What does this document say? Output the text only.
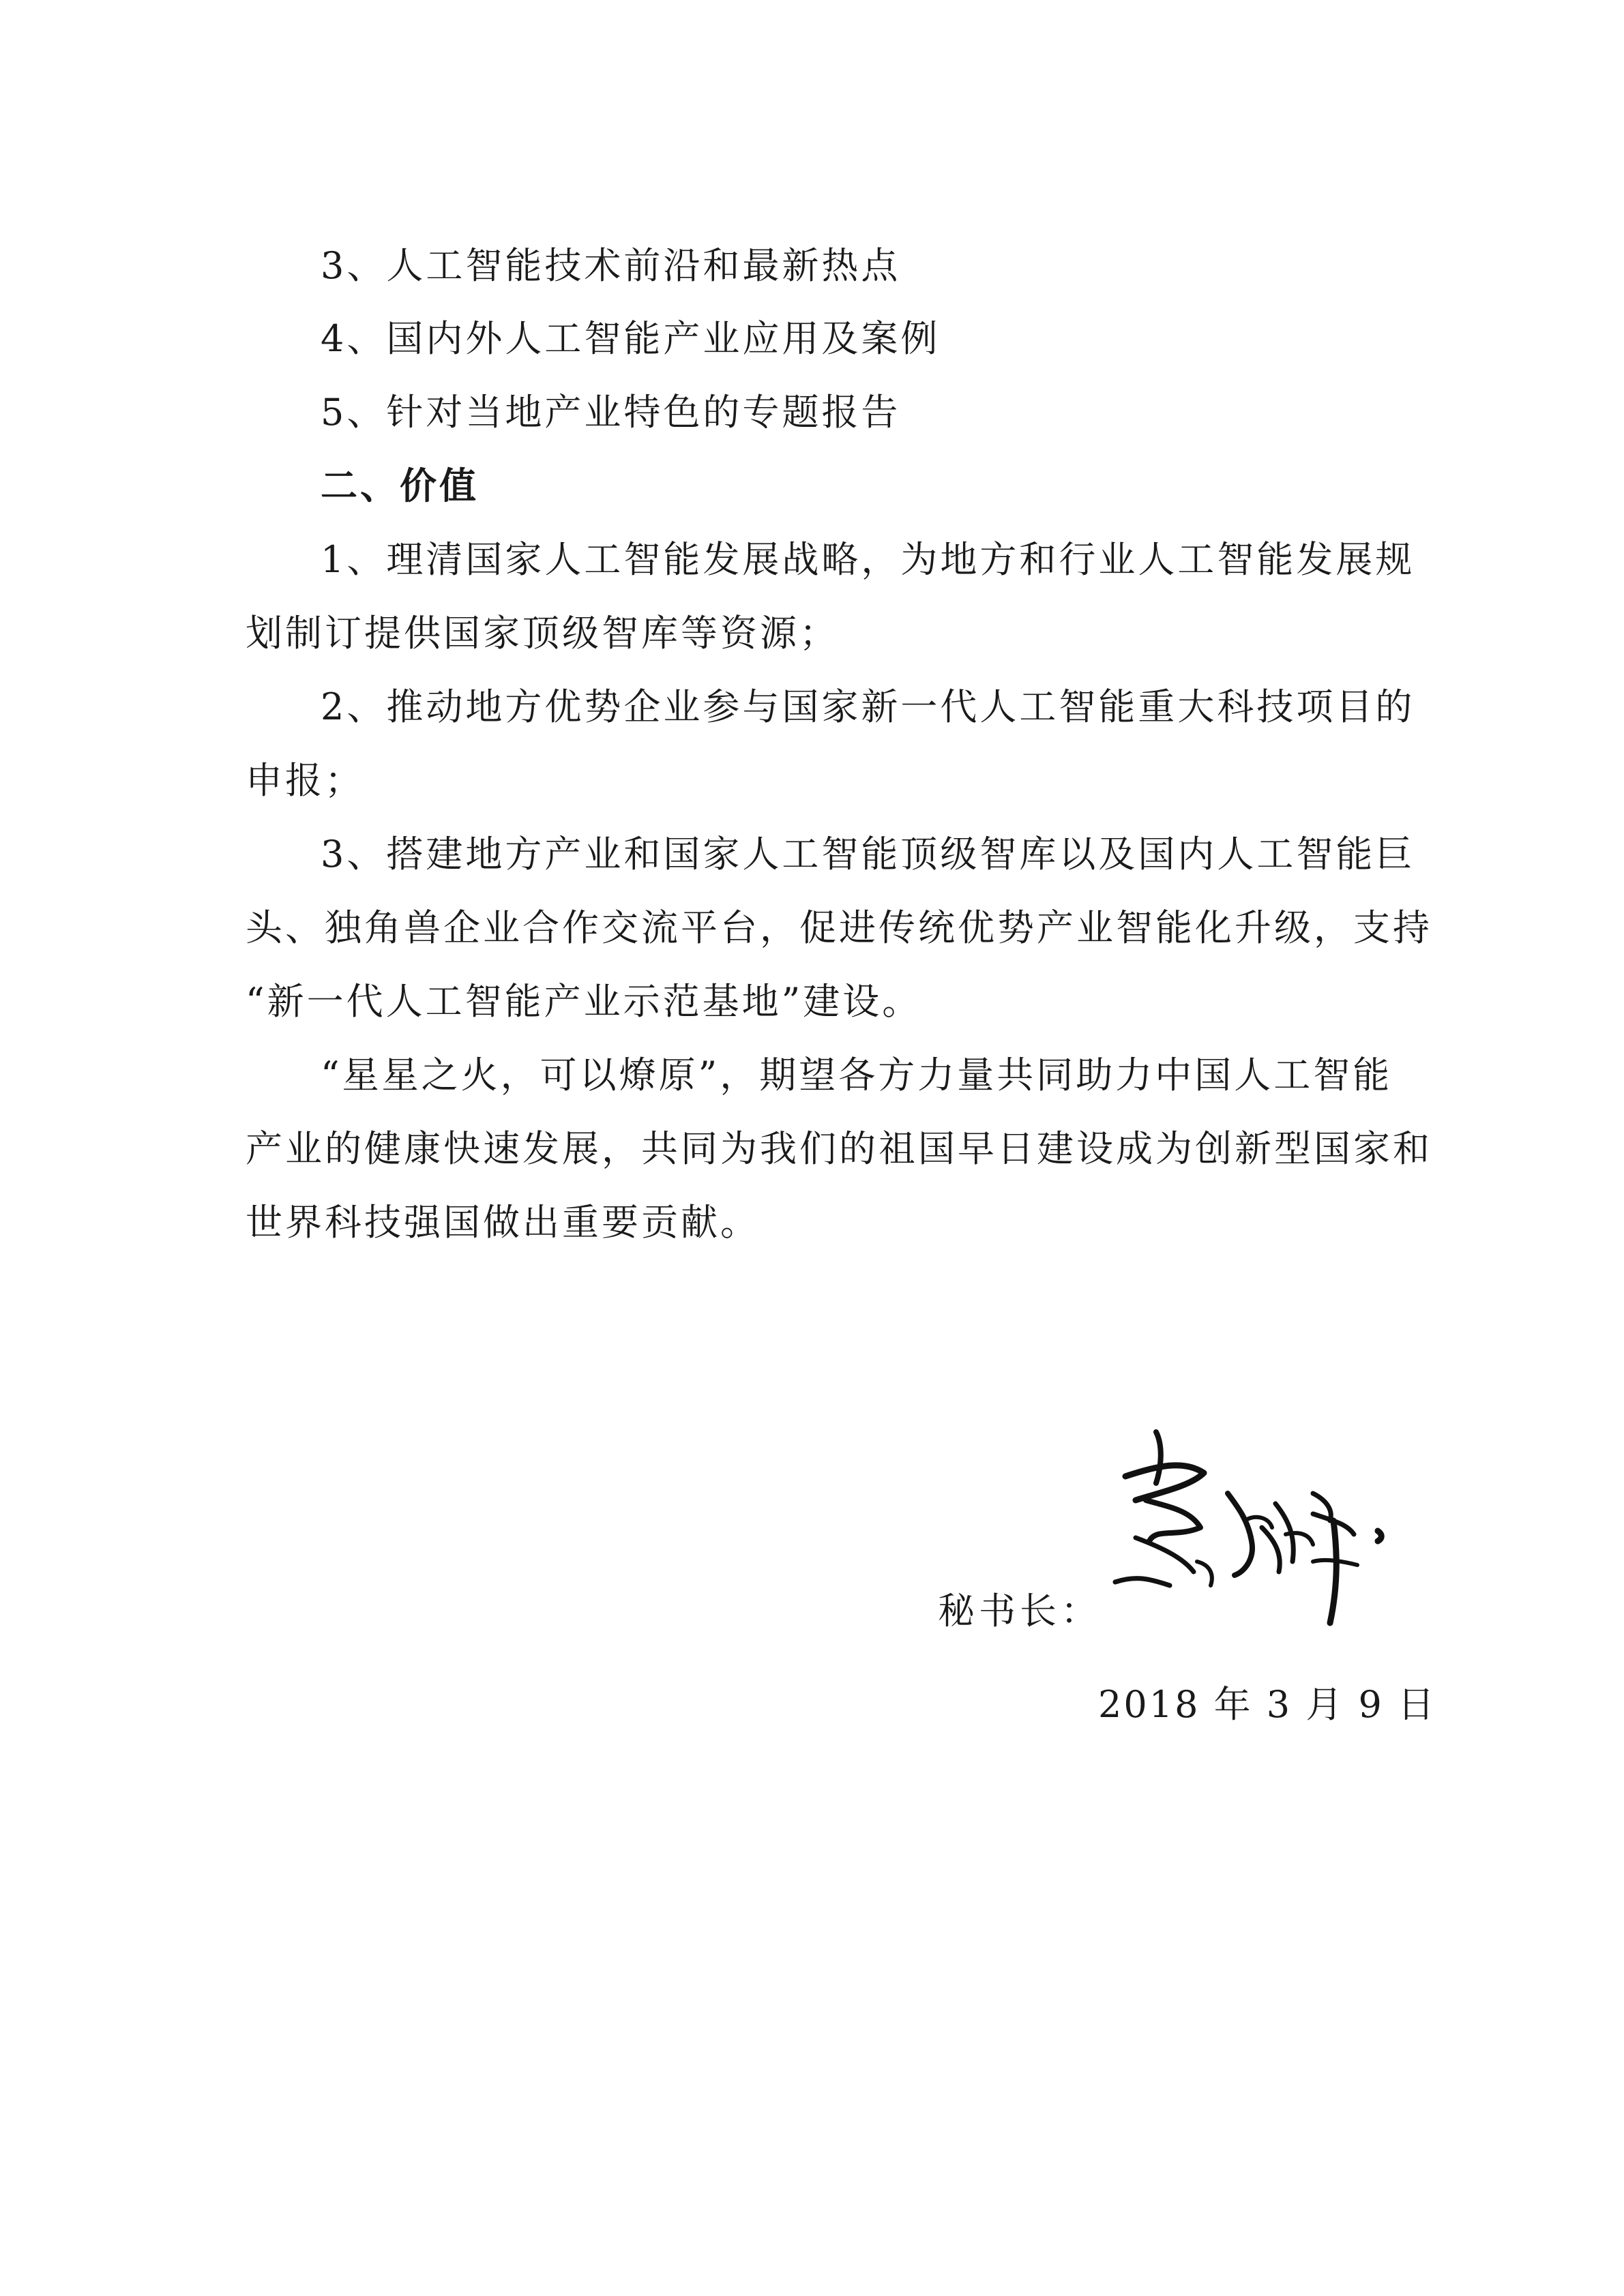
3、人工智能技术前沿和最新热点
4、国内外人工智能产业应用及案例
5、针对当地产业特色的专题报告
二、价值
1、理清国家人工智能发展战略，为地方和行业人工智能发展规
划制订提供国家顶级智库等资源；
2、推动地方优势企业参与国家新一代人工智能重大科技项目的
申报；
3、搭建地方产业和国家人工智能顶级智库以及国内人工智能巨
头、独角兽企业合作交流平台，促进传统优势产业智能化升级，支持
“新一代人工智能产业示范基地”建设。
“星星之火，可以燎原”，期望各方力量共同助力中国人工智能
产业的健康快速发展，共同为我们的祖国早日建设成为创新型国家和
世界科技强国做出重要贡献。
秘书长：
2018 年 3 月 9 日
